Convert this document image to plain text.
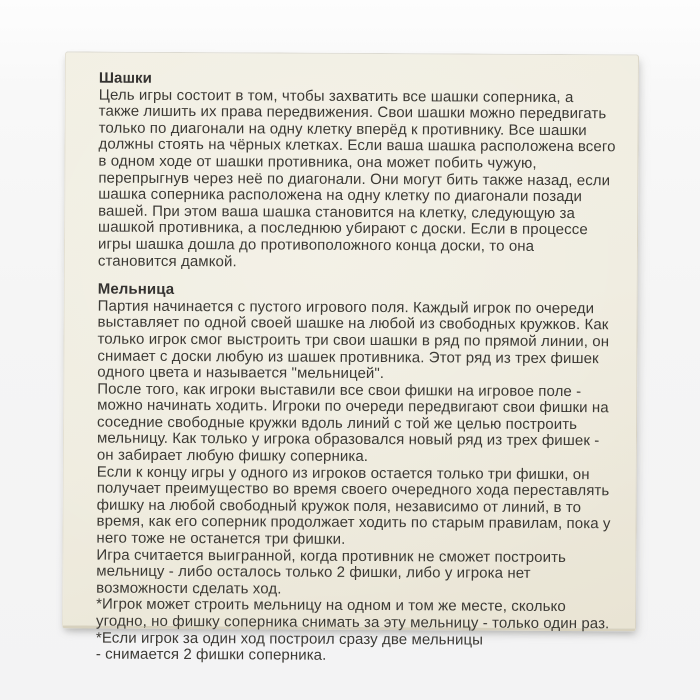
Шашки

Цель игры состоит в том, чтобы захватить все шашки соперника, а также лишить их права передвижения. Свои шашки можно передвигать только по диагонали на одну клетку вперёд к противнику. Все шашки должны стоять на чёрных клетках. Если ваша шашка расположена всего в одном ходе от шашки противника, она может побить чужую, перепрыгнув через неё по диагонали. Они могут бить также назад, если шашка соперника расположена на одну клетку по диагонали позади вашей. При этом ваша шашка становится на клетку, следующую за шашкой противника, а последнюю убирают с доски. Если в процессе игры шашка дошла до противоположного конца доски, то она становится дамкой.

Мельница

Партия начинается с пустого игрового поля. Каждый игрок по очереди выставляет по одной своей шашке на любой из свободных кружков. Как только игрок смог выстроить три свои шашки в ряд по прямой линии, он снимает с доски любую из шашек противника. Этот ряд из трех фишек одного цвета и называется "мельницей".

После того, как игроки выставили все свои фишки на игровое поле - можно начинать ходить. Игроки по очереди передвигают свои фишки на соседние свободные кружки вдоль линий с той же целью построить мельницу. Как только у игрока образовался новый ряд из трех фишек - он забирает любую фишку соперника.

Если к концу игры у одного из игроков остается только три фишки, он получает преимущество во время своего очередного хода переставлять фишку на любой свободный кружок поля, независимо от линий, в то время, как его соперник продолжает ходить по старым правилам, пока у него тоже не останется три фишки.

Игра считается выигранной, когда противник не сможет построить мельницу - либо осталось только 2 фишки, либо у игрока нет возможности сделать ход.

*Игрок может строить мельницу на одном и том же месте, сколько угодно, но фишку соперника снимать за эту мельницу - только один раз.

*Если игрок за один ход построил сразу две мельницы

- снимается 2 фишки соперника.
